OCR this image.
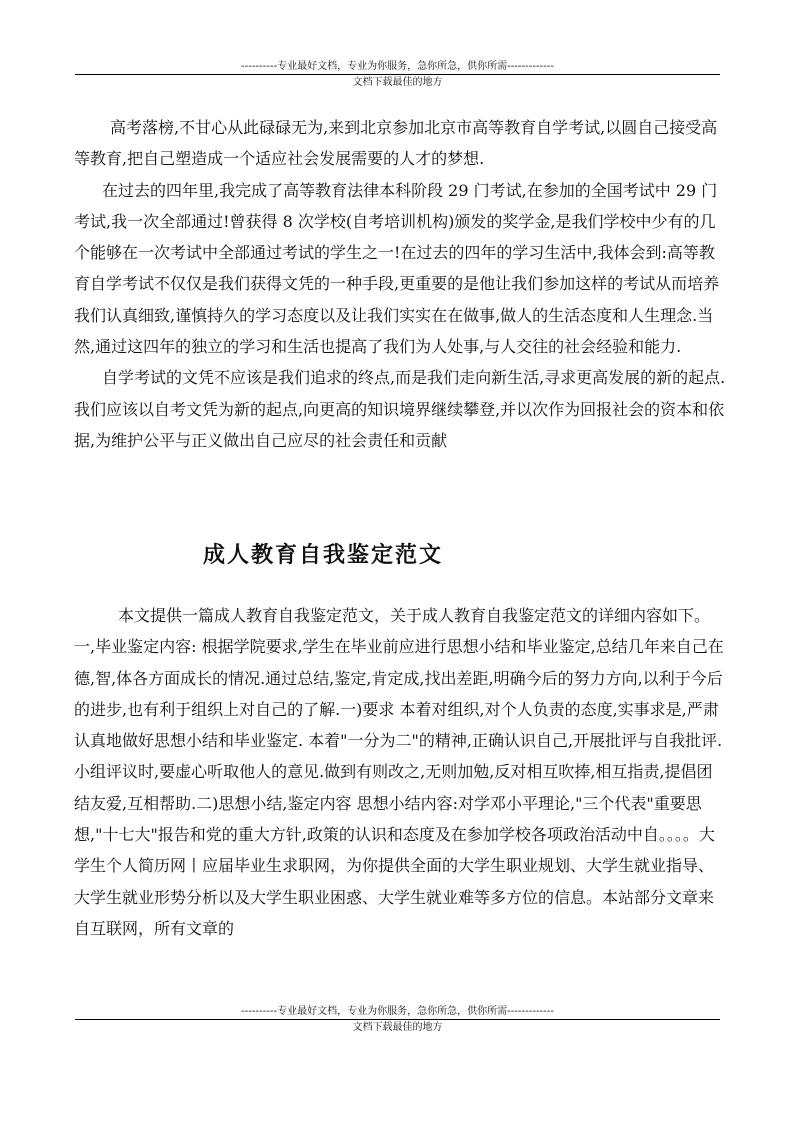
----------专业最好文档，专业为你服务，急你所急，供你所需-------------
文档下载最佳的地方

高考落榜,不甘心从此碌碌无为,来到北京参加北京市高等教育自学考试,以圆自己接受高等教育,把自己塑造成一个适应社会发展需要的人才的梦想.

在过去的四年里,我完成了高等教育法律本科阶段 29 门考试,在参加的全国考试中 29 门考试,我一次全部通过!曾获得 8 次学校(自考培训机构)颁发的奖学金,是我们学校中少有的几个能够在一次考试中全部通过考试的学生之一!在过去的四年的学习生活中,我体会到:高等教育自学考试不仅仅是我们获得文凭的一种手段,更重要的是他让我们参加这样的考试从而培养我们认真细致,谨慎持久的学习态度以及让我们实实在在做事,做人的生活态度和人生理念.当然,通过这四年的独立的学习和生活也提高了我们为人处事,与人交往的社会经验和能力.

自学考试的文凭不应该是我们追求的终点,而是我们走向新生活,寻求更高发展的新的起点.我们应该以自考文凭为新的起点,向更高的知识境界继续攀登,并以次作为回报社会的资本和依据,为维护公平与正义做出自己应尽的社会责任和贡献

成人教育自我鉴定范文

本文提供一篇成人教育自我鉴定范文，关于成人教育自我鉴定范文的详细内容如下。一,毕业鉴定内容: 根据学院要求,学生在毕业前应进行思想小结和毕业鉴定,总结几年来自己在德,智,体各方面成长的情况.通过总结,鉴定,肯定成,找出差距,明确今后的努力方向,以利于今后的进步,也有利于组织上对自己的了解.一)要求 本着对组织,对个人负责的态度,实事求是,严肃认真地做好思想小结和毕业鉴定. 本着"一分为二"的精神,正确认识自己,开展批评与自我批评.小组评议时,要虚心听取他人的意见.做到有则改之,无则加勉,反对相互吹捧,相互指责,提倡团结友爱,互相帮助.二)思想小结,鉴定内容 思想小结内容:对学邓小平理论,"三个代表"重要思想,"十七大"报告和党的重大方针,政策的认识和态度及在参加学校各项政治活动中自。。。。大学生个人简历网丨应届毕业生求职网，为你提供全面的大学生职业规划、大学生就业指导、大学生就业形势分析以及大学生职业困惑、大学生就业难等多方位的信息。本站部分文章来自互联网，所有文章的

----------专业最好文档，专业为你服务，急你所急，供你所需-------------
文档下载最佳的地方
